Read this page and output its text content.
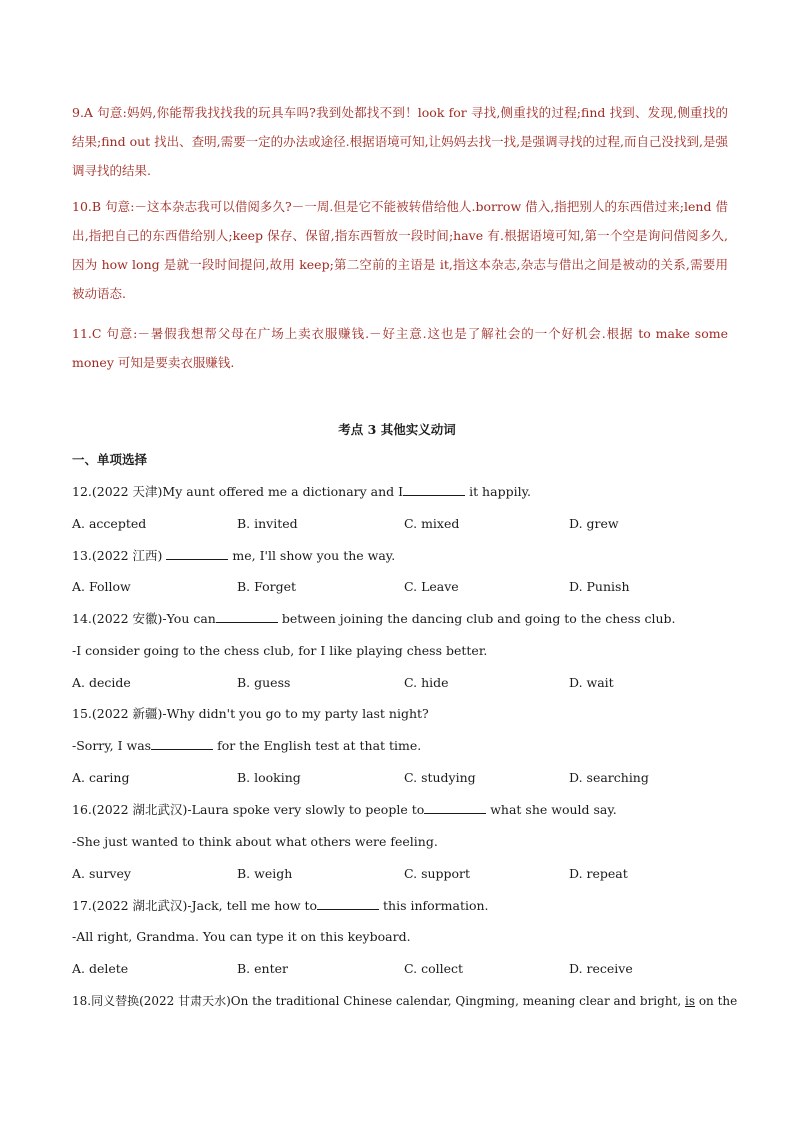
9.A 句意:妈妈,你能帮我找找我的玩具车吗?我到处都找不到！look for 寻找,侧重找的过程;find 找到、发现,侧重找的结果;find out 找出、查明,需要一定的办法或途径.根据语境可知,让妈妈去找一找,是强调寻找的过程,而自己没找到,是强调寻找的结果.
10.B 句意:－这本杂志我可以借阅多久?－一周.但是它不能被转借给他人.borrow 借入,指把别人的东西借过来;lend 借出,指把自己的东西借给别人;keep 保存、保留,指东西暂放一段时间;have 有.根据语境可知,第一个空是询问借阅多久,因为 how long 是就一段时间提问,故用 keep;第二空前的主语是 it,指这本杂志,杂志与借出之间是被动的关系,需要用被动语态.
11.C 句意:－暑假我想帮父母在广场上卖衣服赚钱.－好主意.这也是了解社会的一个好机会.根据 to make some money 可知是要卖衣服赚钱.
考点 3 其他实义动词
一、单项选择
12.(2022 天津)My aunt offered me a dictionary and I	it happily.
A. accepted	B. invited	C. mixed	D. grew
13.(2022 江西)	me, I'll show you the way.
A. Follow	B. Forget	C. Leave	D. Punish
14.(2022 安徽)-You can	between joining the dancing club and going to the chess club.
-I consider going to the chess club, for I like playing chess better.
A. decide	B. guess	C. hide	D. wait
15.(2022 新疆)-Why didn't you go to my party last night?
-Sorry, I was	for the English test at that time.
A. caring	B. looking	C. studying	D. searching
16.(2022 湖北武汉)-Laura spoke very slowly to people to	what she would say.
-She just wanted to think about what others were feeling.
A. survey	B. weigh	C. support	D. repeat
17.(2022 湖北武汉)-Jack, tell me how to	this information.
-All right, Grandma. You can type it on this keyboard.
A. delete	B. enter	C. collect	D. receive
18.同义替换(2022 甘肃天水)On the traditional Chinese calendar, Qingming, meaning clear and bright, is on the
